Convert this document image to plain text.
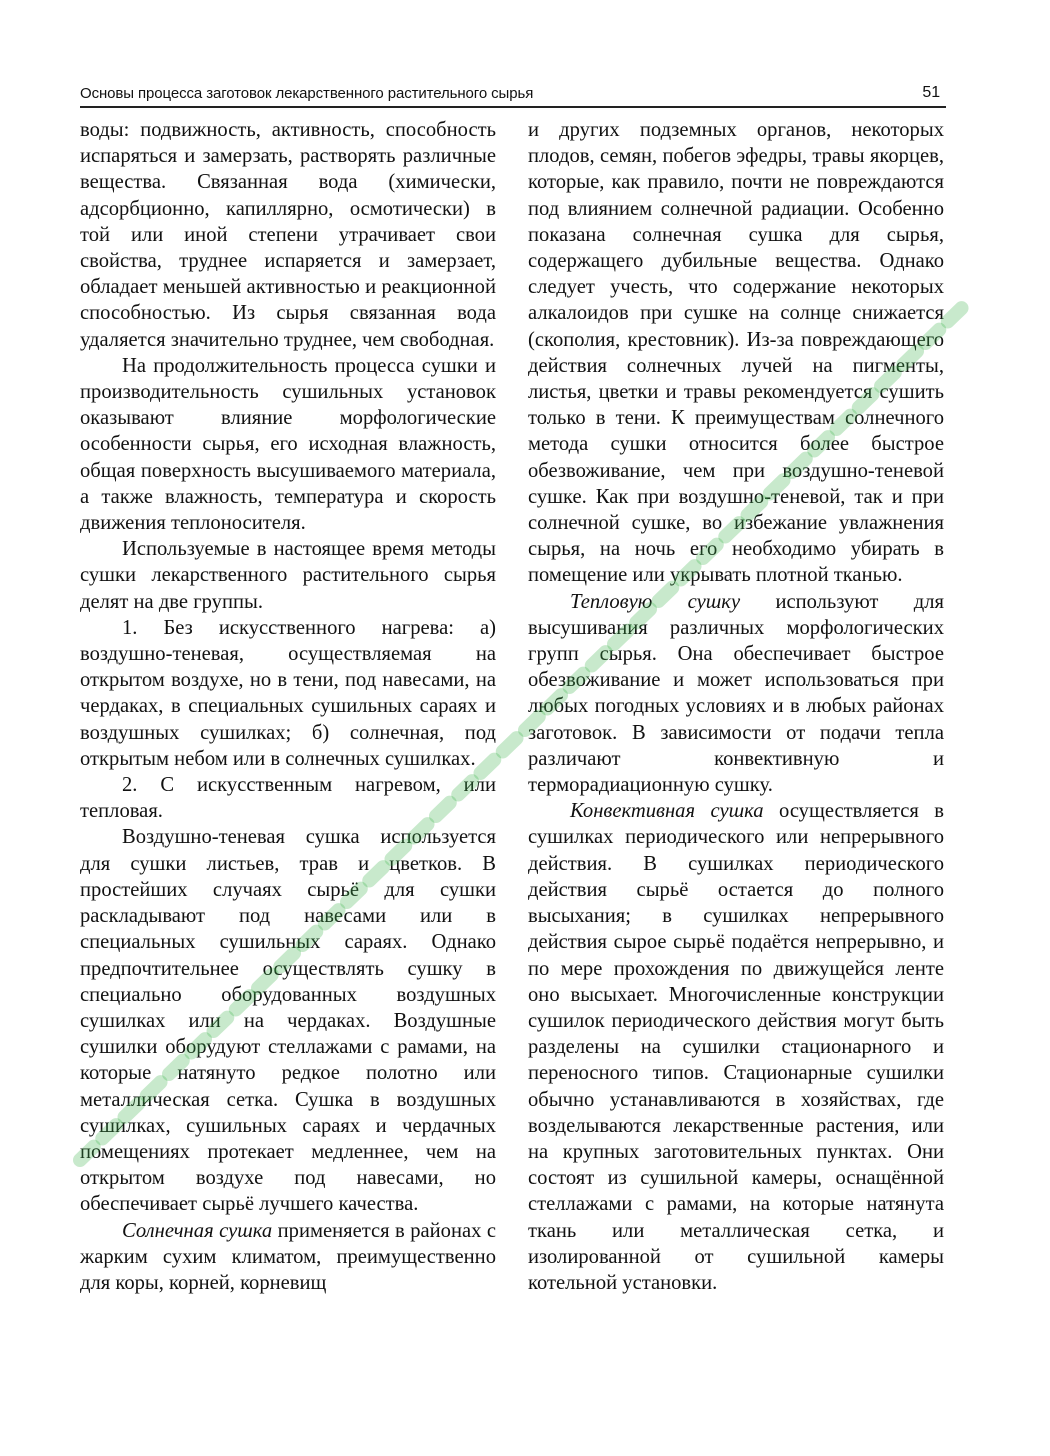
Основы процесса заготовок лекарственного растительного сырья	51

воды: подвижность, активность, способность испаряться и замерзать, растворять различные вещества. Связанная вода (химически, адсорбционно, капиллярно, осмотически) в той или иной степени утрачивает свои свойства, труднее испаряется и замерзает, обладает меньшей активностью и реакционной способностью. Из сырья связанная вода удаляется значительно труднее, чем свободная.

На продолжительность процесса сушки и производительность сушильных установок оказывают влияние морфологические особенности сырья, его исходная влажность, общая поверхность высушиваемого материала, а также влажность, температура и скорость движения теплоносителя.

Используемые в настоящее время методы сушки лекарственного растительного сырья делят на две группы.

1. Без искусственного нагрева: а) воздушно-теневая, осуществляемая на открытом воздухе, но в тени, под навесами, на чердаках, в специальных сушильных сараях и воздушных сушилках; б) солнечная, под открытым небом или в солнечных сушилках.

2. С искусственным нагревом, или тепловая.

Воздушно-теневая сушка используется для сушки листьев, трав и цветков. В простейших случаях сырьё для сушки раскладывают под навесами или в специальных сушильных сараях. Однако предпочтительнее осуществлять сушку в специально оборудованных воздушных сушилках или на чердаках. Воздушные сушилки оборудуют стеллажами с рамами, на которые натянуто редкое полотно или металлическая сетка. Сушка в воздушных сушилках, сушильных сараях и чердачных помещениях протекает медленнее, чем на открытом воздухе под навесами, но обеспечивает сырьё лучшего качества.

Солнечная сушка применяется в районах с жарким сухим климатом, преимущественно для коры, корней, корневищ

и других подземных органов, некоторых плодов, семян, побегов эфедры, травы якорцев, которые, как правило, почти не повреждаются под влиянием солнечной радиации. Особенно показана солнечная сушка для сырья, содержащего дубильные вещества. Однако следует учесть, что содержание некоторых алкалоидов при сушке на солнце снижается (скополия, крестовник). Из-за повреждающего действия солнечных лучей на пигменты, листья, цветки и травы рекомендуется сушить только в тени. К преимуществам солнечного метода сушки относится более быстрое обезвоживание, чем при воздушно-теневой сушке. Как при воздушно-теневой, так и при солнечной сушке, во избежание увлажнения сырья, на ночь его необходимо убирать в помещение или укрывать плотной тканью.

Тепловую сушку используют для высушивания различных морфологических групп сырья. Она обеспечивает быстрое обезвоживание и может использоваться при любых погодных условиях и в любых районах заготовок. В зависимости от подачи тепла различают конвективную и терморадиационную сушку.

Конвективная сушка осуществляется в сушилках периодического или непрерывного действия. В сушилках периодического действия сырьё остается до полного высыхания; в сушилках непрерывного действия сырое сырьё подаётся непрерывно, и по мере прохождения по движущейся ленте оно высыхает. Многочисленные конструкции сушилок периодического действия могут быть разделены на сушилки стационарного и переносного типов. Стационарные сушилки обычно устанавливаются в хозяйствах, где возделываются лекарственные растения, или на крупных заготовительных пунктах. Они состоят из сушильной камеры, оснащённой стеллажами с рамами, на которые натянута ткань или металлическая сетка, и изолированной от сушильной камеры котельной установки.
